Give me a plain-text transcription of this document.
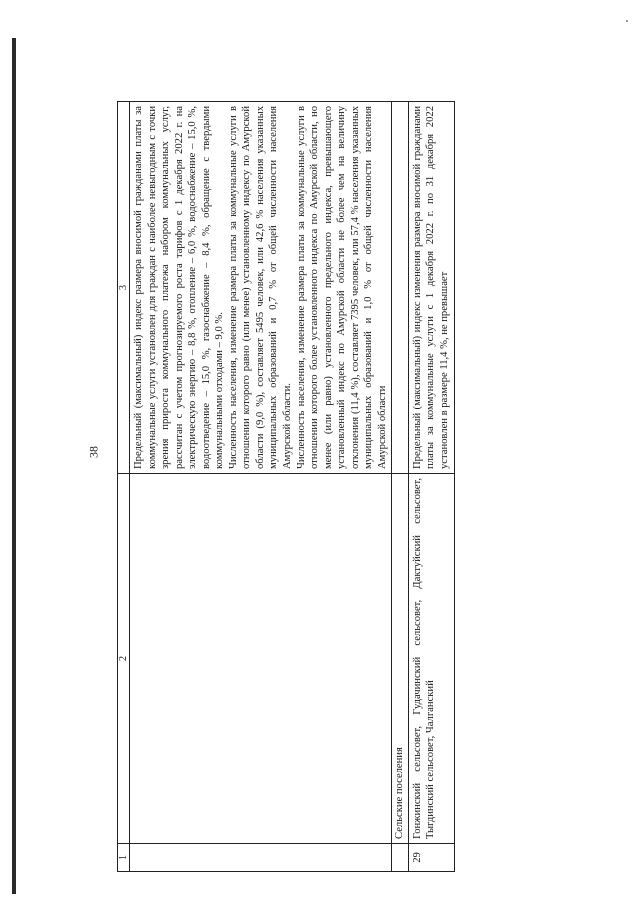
38
1	2	3

		Предельный (максимальный) индекс размера вносимой гражданами платы за коммунальные услуги установлен для граждан с наиболее невыгодным с точки зрения прироста коммунального платежа набором коммунальных услуг, рассчитан с учетом прогнозируемого роста тарифов с 1 декабря 2022 г. на электрическую энергию – 8,8 %, отопление – 6,0 %, водоснабжение – 15,0 %, водоотведение – 15,0 %, газоснабжение – 8,4 %, обращение с твердыми коммунальными отходами – 9,0 %. Численность населения, изменение размера платы за коммунальные услуги в отношении которого равно (или менее) установленному индексу по Амурской области (9,0 %), составляет 5495 человек, или 42,6 % населения указанных муниципальных образований и 0,7 % от общей численности населения Амурской области. Численность населения, изменение размера платы за коммунальные услуги в отношении которого более установленного индекса по Амурской области, но менее (или равно) установленного предельного индекса, превышающего установленный индекс по Амурской области не более чем на величину отклонения (11,4 %), составляет 7395 человек, или 57,4 % населения указанных муниципальных образований и 1,0 % от общей численности населения Амурской области

	Сельские поселения	
29	Гонжинский сельсовет, Гудачинский сельсовет, Дактуйский сельсовет, Тыгдинский сельсовет, Чалганский	Предельный (максимальный) индекс изменения размера вносимой гражданами платы за коммунальные услуги с 1 декабря 2022 г. по 31 декабря 2022 установлен в размере 11,4 %, не превышает
